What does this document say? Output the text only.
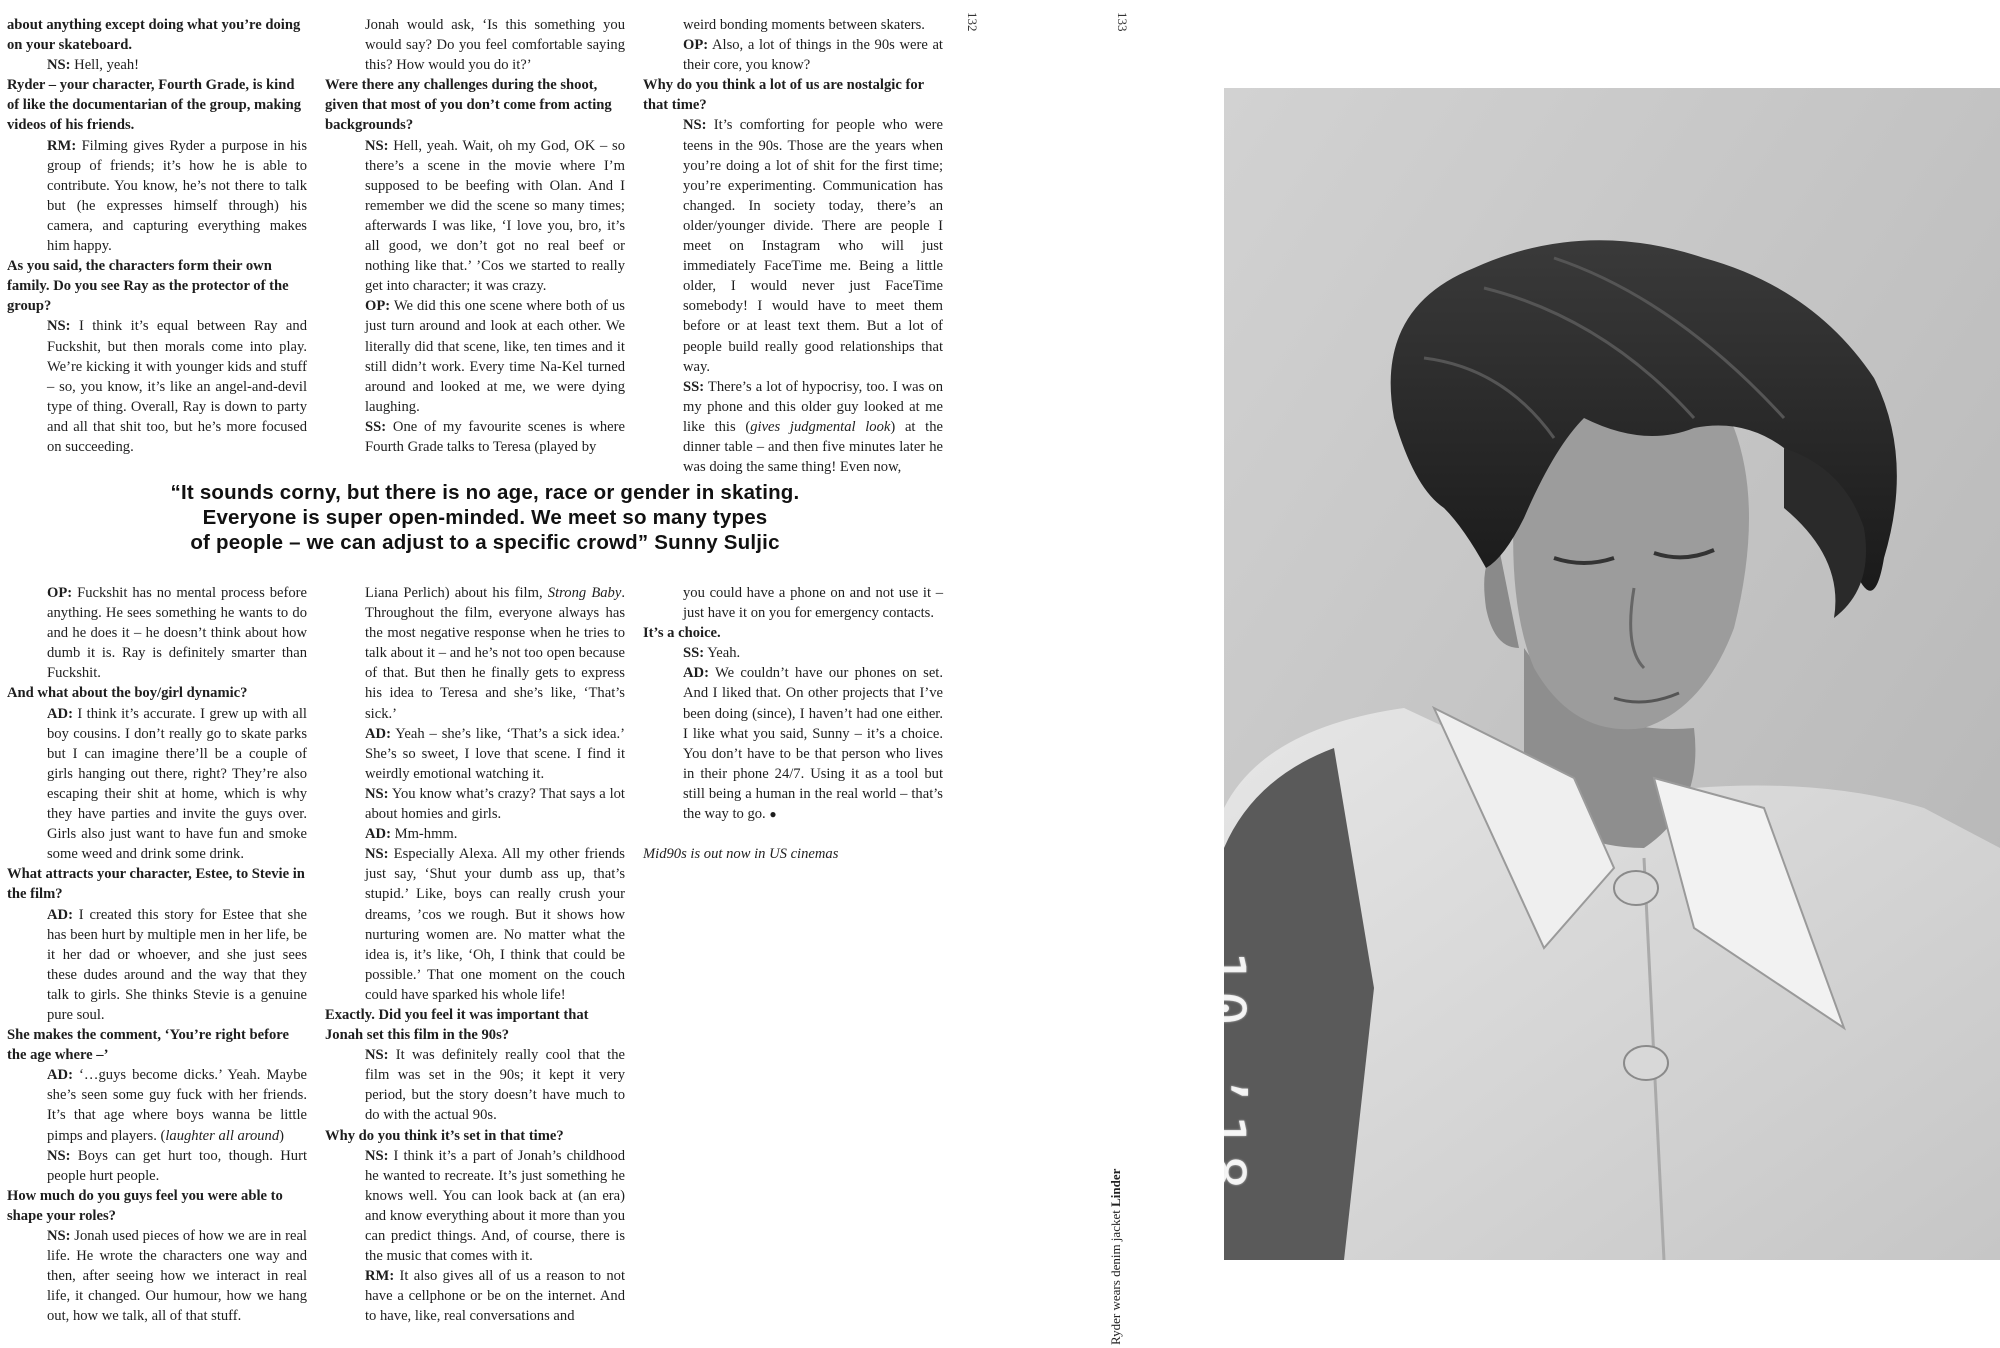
132	133

about anything except doing what you’re doing on your skateboard.

NS: Hell, yeah!

Ryder – your character, Fourth Grade, is kind of like the documentarian of the group, making videos of his friends.

RM: Filming gives Ryder a purpose in his group of friends; it’s how he is able to contribute. You know, he’s not there to talk but (he expresses himself through) his camera, and capturing everything makes him happy.

As you said, the characters form their own family. Do you see Ray as the protector of the group?

NS: I think it’s equal between Ray and Fuckshit, but then morals come into play. We’re kicking it with younger kids and stuff – so, you know, it’s like an angel-and-devil type of thing. Overall, Ray is down to party and all that shit too, but he’s more focused on succeeding.

Jonah would ask, ‘Is this something you would say? Do you feel comfortable saying this? How would you do it?’

Were there any challenges during the shoot, given that most of you don’t come from acting backgrounds?

NS: Hell, yeah. Wait, oh my God, OK – so there’s a scene in the movie where I’m supposed to be beefing with Olan. And I remember we did the scene so many times; afterwards I was like, ‘I love you, bro, it’s all good, we don’t got no real beef or nothing like that.’ ’Cos we started to really get into character; it was crazy.

OP: We did this one scene where both of us just turn around and look at each other. We literally did that scene, like, ten times and it still didn’t work. Every time Na-Kel turned around and looked at me, we were dying laughing.

SS: One of my favourite scenes is where Fourth Grade talks to Teresa (played by

weird bonding moments between skaters.

OP: Also, a lot of things in the 90s were at their core, you know?

Why do you think a lot of us are nostalgic for that time?

NS: It’s comforting for people who were teens in the 90s. Those are the years when you’re doing a lot of shit for the first time; you’re experimenting. Communication has changed. In society today, there’s an older/younger divide. There are people I meet on Instagram who will just immediately FaceTime me. Being a little older, I would never just FaceTime somebody! I would have to meet them before or at least text them. But a lot of people build really good relationships that way.

SS: There’s a lot of hypocrisy, too. I was on my phone and this older guy looked at me like this (gives judgmental look) at the dinner table – and then five minutes later he was doing the same thing! Even now,

“It sounds corny, but there is no age, race or gender in skating.
Everyone is super open-minded. We meet so many types
of people – we can adjust to a specific crowd” Sunny Suljic

OP: Fuckshit has no mental process before anything. He sees something he wants to do and he does it – he doesn’t think about how dumb it is. Ray is definitely smarter than Fuckshit.

And what about the boy/girl dynamic?

AD: I think it’s accurate. I grew up with all boy cousins. I don’t really go to skate parks but I can imagine there’ll be a couple of girls hanging out there, right? They’re also escaping their shit at home, which is why they have parties and invite the guys over. Girls also just want to have fun and smoke some weed and drink some drink.

What attracts your character, Estee, to Stevie in the film?

AD: I created this story for Estee that she has been hurt by multiple men in her life, be it her dad or whoever, and she just sees these dudes around and the way that they talk to girls. She thinks Stevie is a genuine pure soul.

She makes the comment, ‘You’re right before the age where –’

AD: ‘…guys become dicks.’ Yeah. Maybe she’s seen some guy fuck with her friends. It’s that age where boys wanna be little pimps and players. (laughter all around)

NS: Boys can get hurt too, though. Hurt people hurt people.

How much do you guys feel you were able to shape your roles?

NS: Jonah used pieces of how we are in real life. He wrote the characters one way and then, after seeing how we interact in real life, it changed. Our humour, how we hang out, how we talk, all of that stuff.

Liana Perlich) about his film, Strong Baby. Throughout the film, everyone always has the most negative response when he tries to talk about it – and he’s not too open because of that. But then he finally gets to express his idea to Teresa and she’s like, ‘That’s sick.’

AD: Yeah – she’s like, ‘That’s a sick idea.’ She’s so sweet, I love that scene. I find it weirdly emotional watching it.

NS: You know what’s crazy? That says a lot about homies and girls.

AD: Mm-hmm.

NS: Especially Alexa. All my other friends just say, ‘Shut your dumb ass up, that’s stupid.’ Like, boys can really crush your dreams, ’cos we rough. But it shows how nurturing women are. No matter what the idea is, it’s like, ‘Oh, I think that could be possible.’ That one moment on the couch could have sparked his whole life!

Exactly. Did you feel it was important that Jonah set this film in the 90s?

NS: It was definitely really cool that the film was set in the 90s; it kept it very period, but the story doesn’t have much to do with the actual 90s.

Why do you think it’s set in that time?

NS: I think it’s a part of Jonah’s childhood he wanted to recreate. It’s just something he knows well. You can look back at (an era) and know everything about it more than you can predict things. And, of course, there is the music that comes with it.

RM: It also gives all of us a reason to not have a cellphone or be on the internet. And to have, like, real conversations and

you could have a phone on and not use it – just have it on you for emergency contacts.

It’s a choice.

SS: Yeah.

AD: We couldn’t have our phones on set. And I liked that. On other projects that I’ve been doing (since), I haven’t had one either. I like what you said, Sunny – it’s a choice. You don’t have to be that person who lives in their phone 24/7. Using it as a tool but still being a human in the real world – that’s the way to go. ●

Mid90s is out now in US cinemas

10 ’18
Ryder wears denim jacket Linder
